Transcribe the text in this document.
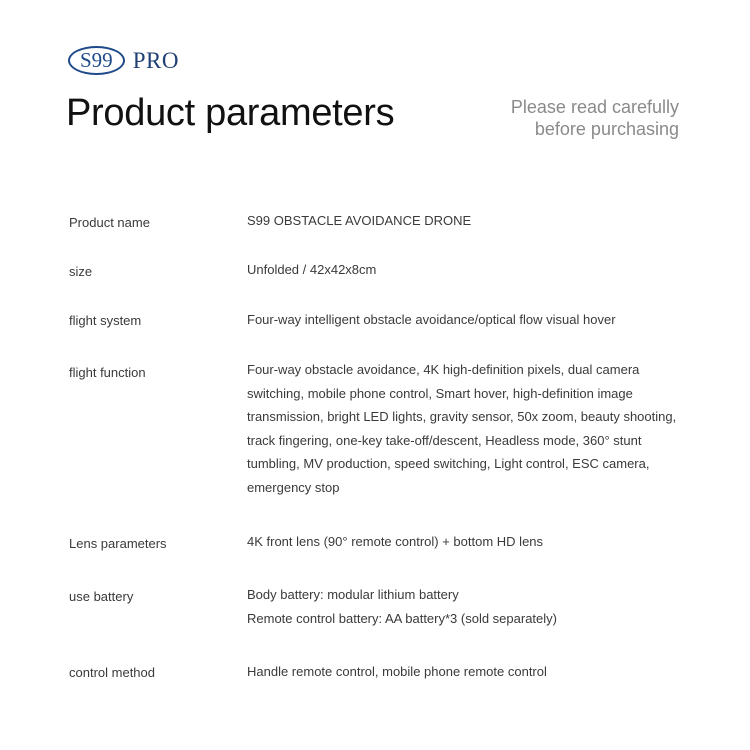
S99 PRO
Product parameters	Please read carefully
before purchasing
Product name	S99 OBSTACLE AVOIDANCE DRONE
size	Unfolded / 42x42x8cm
flight system	Four-way intelligent obstacle avoidance/optical flow visual hover
flight function	Four-way obstacle avoidance, 4K high-definition pixels, dual camera switching, mobile phone control, Smart hover, high-definition image transmission, bright LED lights, gravity sensor, 50x zoom, beauty shooting, track fingering, one-key take-off/descent, Headless mode, 360° stunt tumbling, MV production, speed switching, Light control, ESC camera, emergency stop
Lens parameters	4K front lens (90° remote control) + bottom HD lens
use battery	Body battery: modular lithium battery
Remote control battery: AA battery*3 (sold separately)
control method	Handle remote control, mobile phone remote control
